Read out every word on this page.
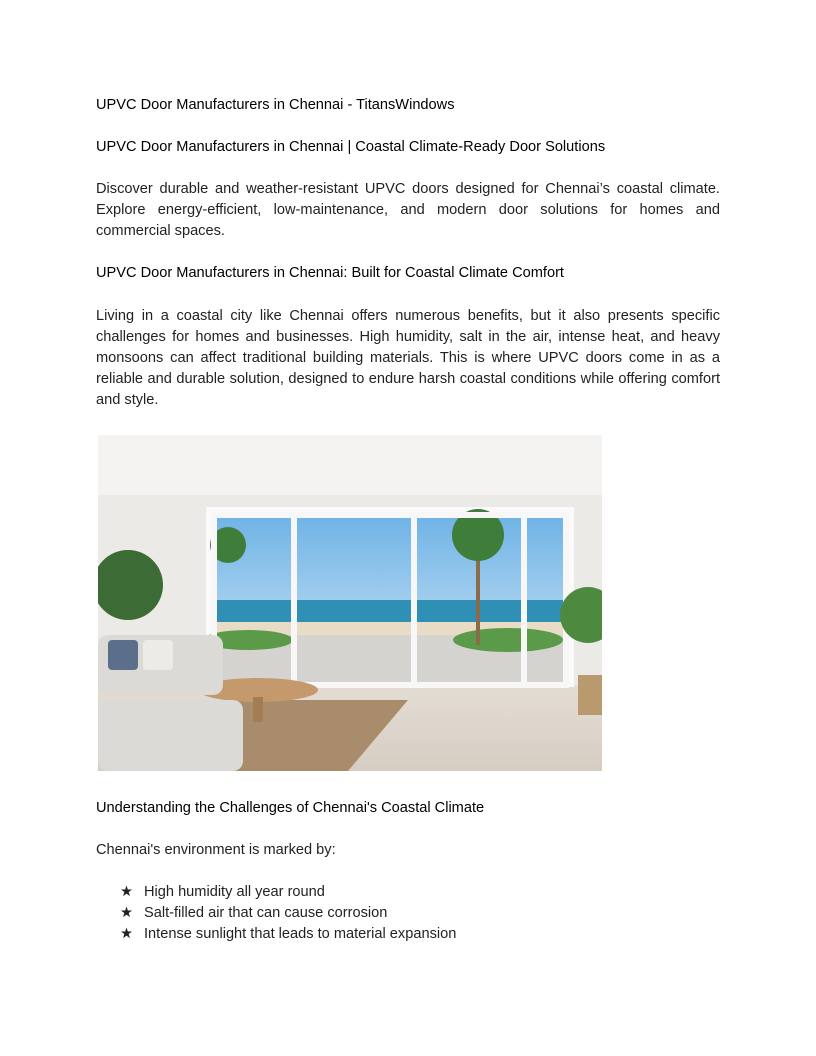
UPVC Door Manufacturers in Chennai - TitansWindows
UPVC Door Manufacturers in Chennai | Coastal Climate-Ready Door Solutions
Discover durable and weather-resistant UPVC doors designed for Chennai’s coastal climate. Explore energy-efficient, low-maintenance, and modern door solutions for homes and commercial spaces.
UPVC Door Manufacturers in Chennai: Built for Coastal Climate Comfort
Living in a coastal city like Chennai offers numerous benefits, but it also presents specific challenges for homes and businesses. High humidity, salt in the air, intense heat, and heavy monsoons can affect traditional building materials. This is where UPVC doors come in as a reliable and durable solution, designed to endure harsh coastal conditions while offering comfort and style.
Understanding the Challenges of Chennai's Coastal Climate
Chennai's environment is marked by:
★ High humidity all year round
★ Salt-filled air that can cause corrosion
★ Intense sunlight that leads to material expansion
